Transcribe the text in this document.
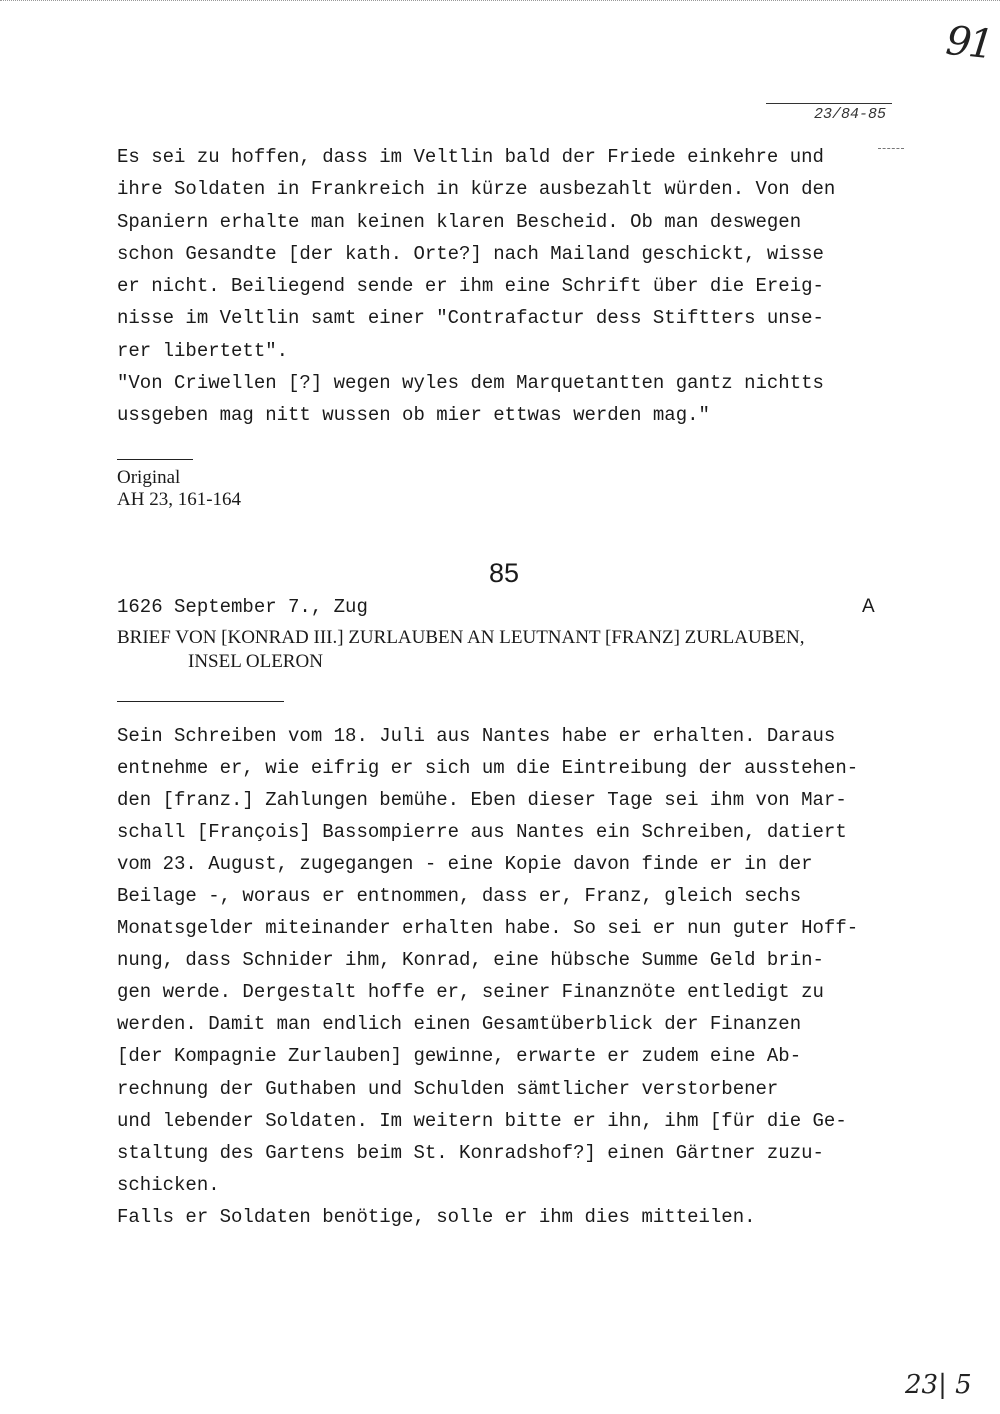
91
23/84-85
Es sei zu hoffen, dass im Veltlin bald der Friede einkehre und
ihre Soldaten in Frankreich in kürze ausbezahlt würden. Von den
Spaniern erhalte man keinen klaren Bescheid. Ob man deswegen
schon Gesandte [der kath. Orte?] nach Mailand geschickt, wisse
er nicht. Beiliegend sende er ihm eine Schrift über die Ereig-
nisse im Veltlin samt einer "Contrafactur dess Stiftters unse-
rer libertett".
"Von Criwellen [?] wegen wyles dem Marquetantten gantz nichtts
ussgeben mag nitt wussen ob mier ettwas werden mag."
Original
AH 23, 161-164
85
1626 September 7., Zug	A
BRIEF VON [KONRAD III.] ZURLAUBEN AN LEUTNANT [FRANZ] ZURLAUBEN,
INSEL OLERON
Sein Schreiben vom 18. Juli aus Nantes habe er erhalten. Daraus
entnehme er, wie eifrig er sich um die Eintreibung der ausstehen-
den [franz.] Zahlungen bemühe. Eben dieser Tage sei ihm von Mar-
schall [François] Bassompierre aus Nantes ein Schreiben, datiert
vom 23. August, zugegangen - eine Kopie davon finde er in der
Beilage -, woraus er entnommen, dass er, Franz, gleich sechs
Monatsgelder miteinander erhalten habe. So sei er nun guter Hoff-
nung, dass Schnider ihm, Konrad, eine hübsche Summe Geld brin-
gen werde. Dergestalt hoffe er, seiner Finanznöte entledigt zu
werden. Damit man endlich einen Gesamtüberblick der Finanzen
[der Kompagnie Zurlauben] gewinne, erwarte er zudem eine Ab-
rechnung der Guthaben und Schulden sämtlicher verstorbener
und lebender Soldaten. Im weitern bitte er ihn, ihm [für die Ge-
staltung des Gartens beim St. Konradshof?] einen Gärtner zuzu-
schicken.
Falls er Soldaten benötige, solle er ihm dies mitteilen.
23| 5
